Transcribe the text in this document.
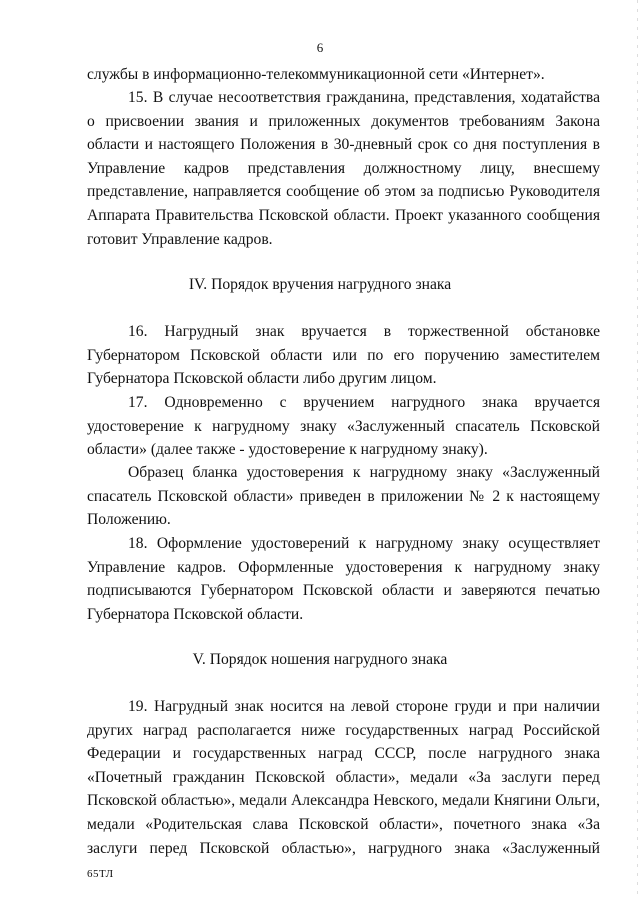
6
службы в информационно-телекоммуникационной сети «Интернет».
15. В случае несоответствия гражданина, представления, ходатайства о присвоении звания и приложенных документов требованиям Закона области и настоящего Положения в 30-дневный срок со дня поступления в Управление кадров представления должностному лицу, внесшему представление, направляется сообщение об этом за подписью Руководителя Аппарата Правительства Псковской области. Проект указанного сообщения готовит Управление кадров.
IV. Порядок вручения нагрудного знака
16. Нагрудный знак вручается в торжественной обстановке Губернатором Псковской области или по его поручению заместителем Губернатора Псковской области либо другим лицом.
17. Одновременно с вручением нагрудного знака вручается удостоверение к нагрудному знаку «Заслуженный спасатель Псковской области» (далее также - удостоверение к нагрудному знаку).
Образец бланка удостоверения к нагрудному знаку «Заслуженный спасатель Псковской области» приведен в приложении № 2 к настоящему Положению.
18. Оформление удостоверений к нагрудному знаку осуществляет Управление кадров. Оформленные удостоверения к нагрудному знаку подписываются Губернатором Псковской области и заверяются печатью Губернатора Псковской области.
V. Порядок ношения нагрудного знака
19. Нагрудный знак носится на левой стороне груди и при наличии других наград располагается ниже государственных наград Российской Федерации и государственных наград СССР, после нагрудного знака «Почетный гражданин Псковской области», медали «За заслуги перед Псковской областью», медали Александра Невского, медали Княгини Ольги, медали «Родительская слава Псковской области», почетного знака «За заслуги перед Псковской областью», нагрудного знака «Заслуженный
65ТЛ
